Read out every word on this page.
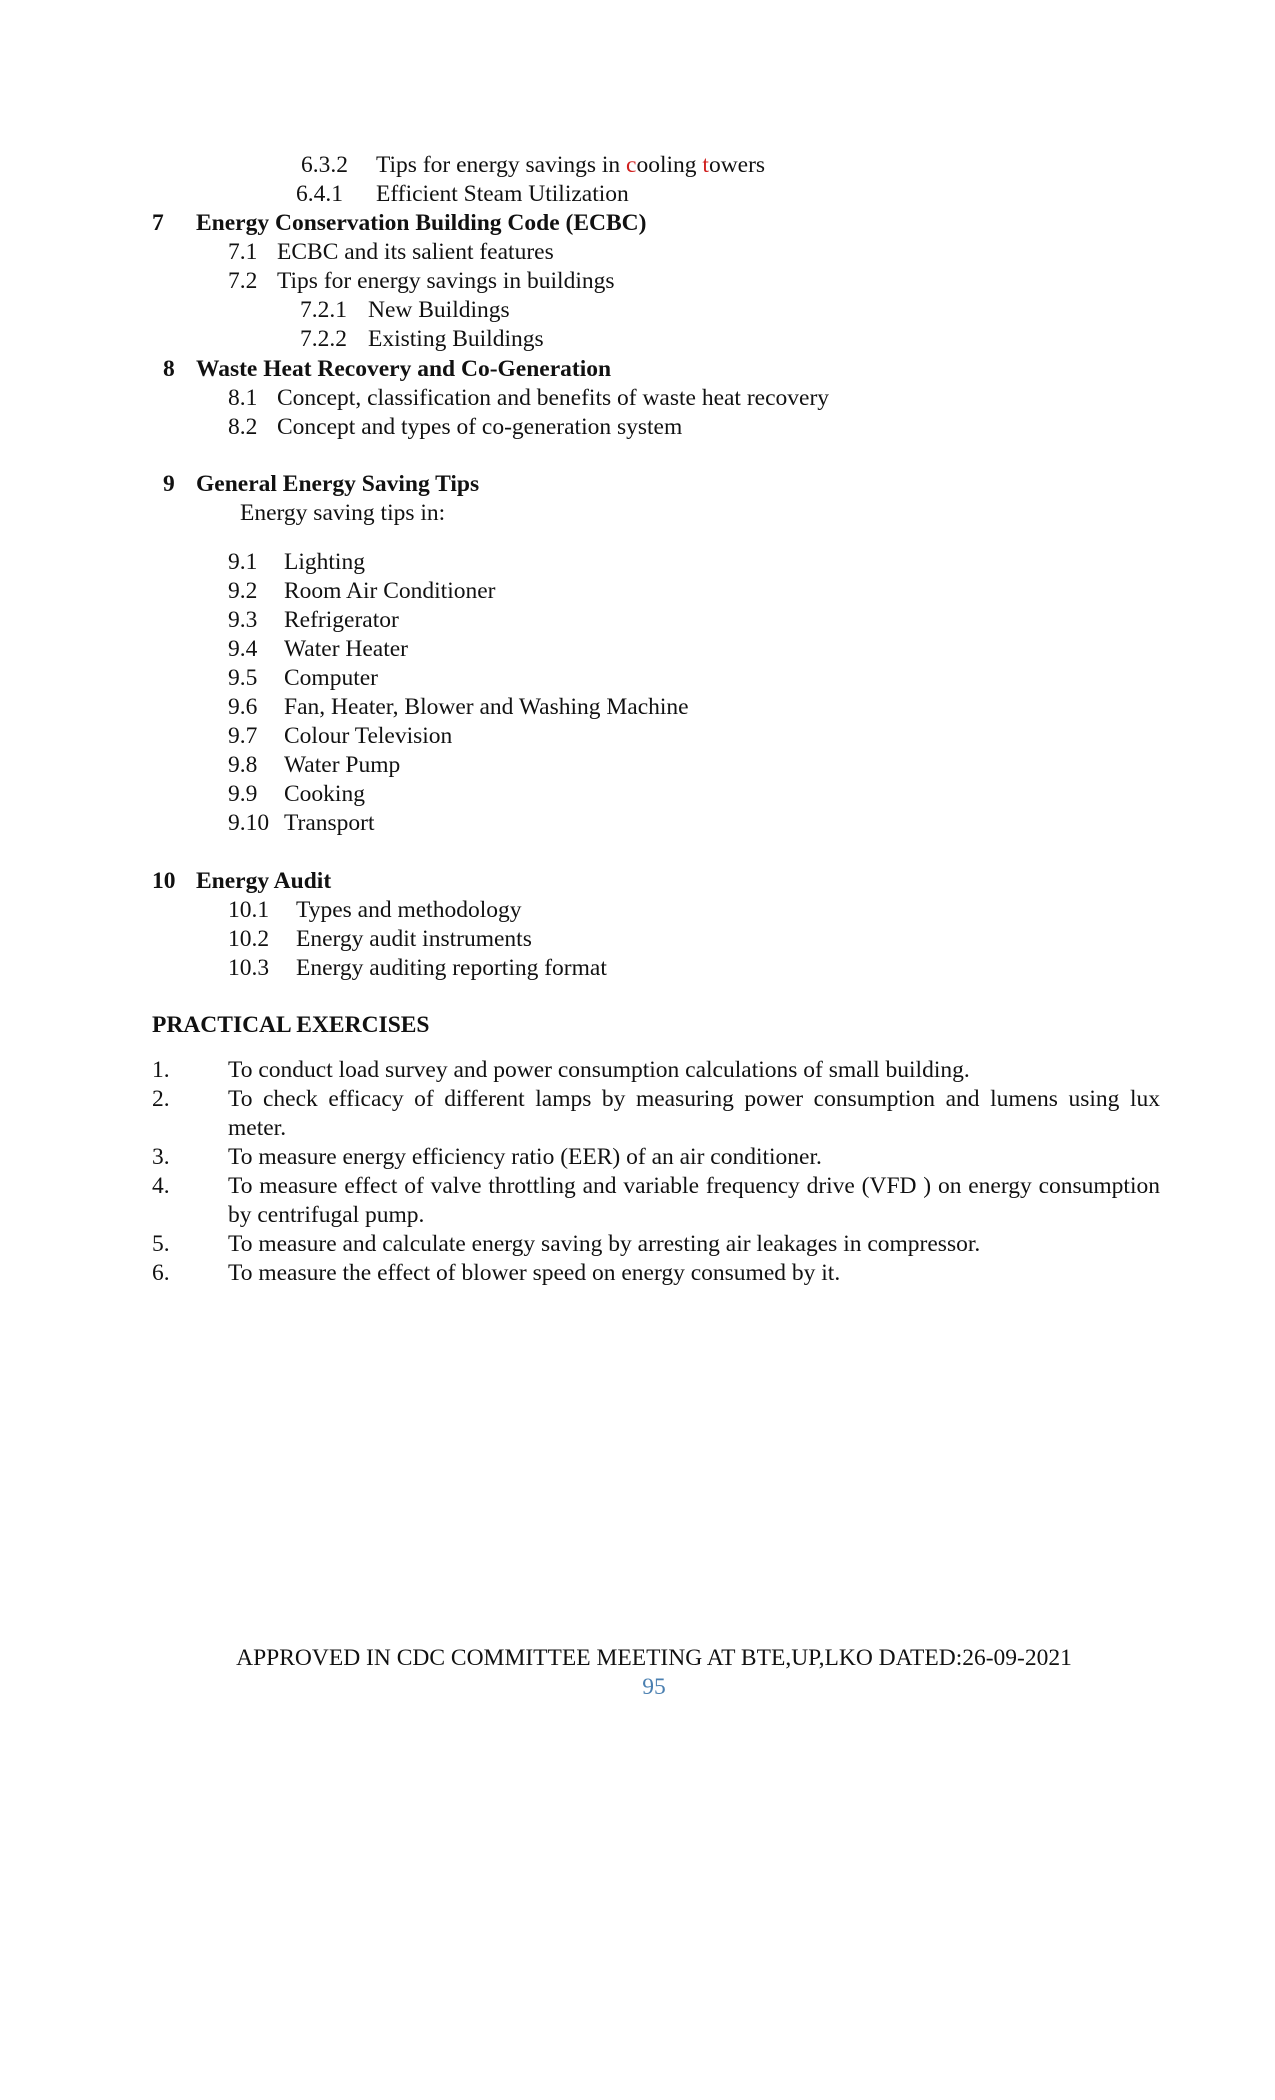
6.3.2 Tips for energy savings in cooling towers
6.4.1 Efficient Steam Utilization
7 Energy Conservation Building Code (ECBC)
7.1 ECBC and its salient features
7.2 Tips for energy savings in buildings
7.2.1 New Buildings
7.2.2 Existing Buildings
8 Waste Heat Recovery and Co-Generation
8.1 Concept, classification and benefits of waste heat recovery
8.2 Concept and types of co-generation system
9 General Energy Saving Tips
Energy saving tips in:
9.1 Lighting
9.2 Room Air Conditioner
9.3 Refrigerator
9.4 Water Heater
9.5 Computer
9.6 Fan, Heater, Blower and Washing Machine
9.7 Colour Television
9.8 Water Pump
9.9 Cooking
9.10 Transport
10 Energy Audit
10.1 Types and methodology
10.2 Energy audit instruments
10.3 Energy auditing reporting format
PRACTICAL EXERCISES
1. To conduct load survey and power consumption calculations of small building.
2. To check efficacy of different lamps by measuring power consumption and lumens using lux meter.
3. To measure energy efficiency ratio (EER) of an air conditioner.
4. To measure effect of valve throttling and variable frequency drive (VFD ) on energy consumption by centrifugal pump.
5. To measure and calculate energy saving by arresting air leakages in compressor.
6. To measure the effect of blower speed on energy consumed by it.
APPROVED IN CDC COMMITTEE MEETING AT BTE,UP,LKO DATED:26-09-2021
95
